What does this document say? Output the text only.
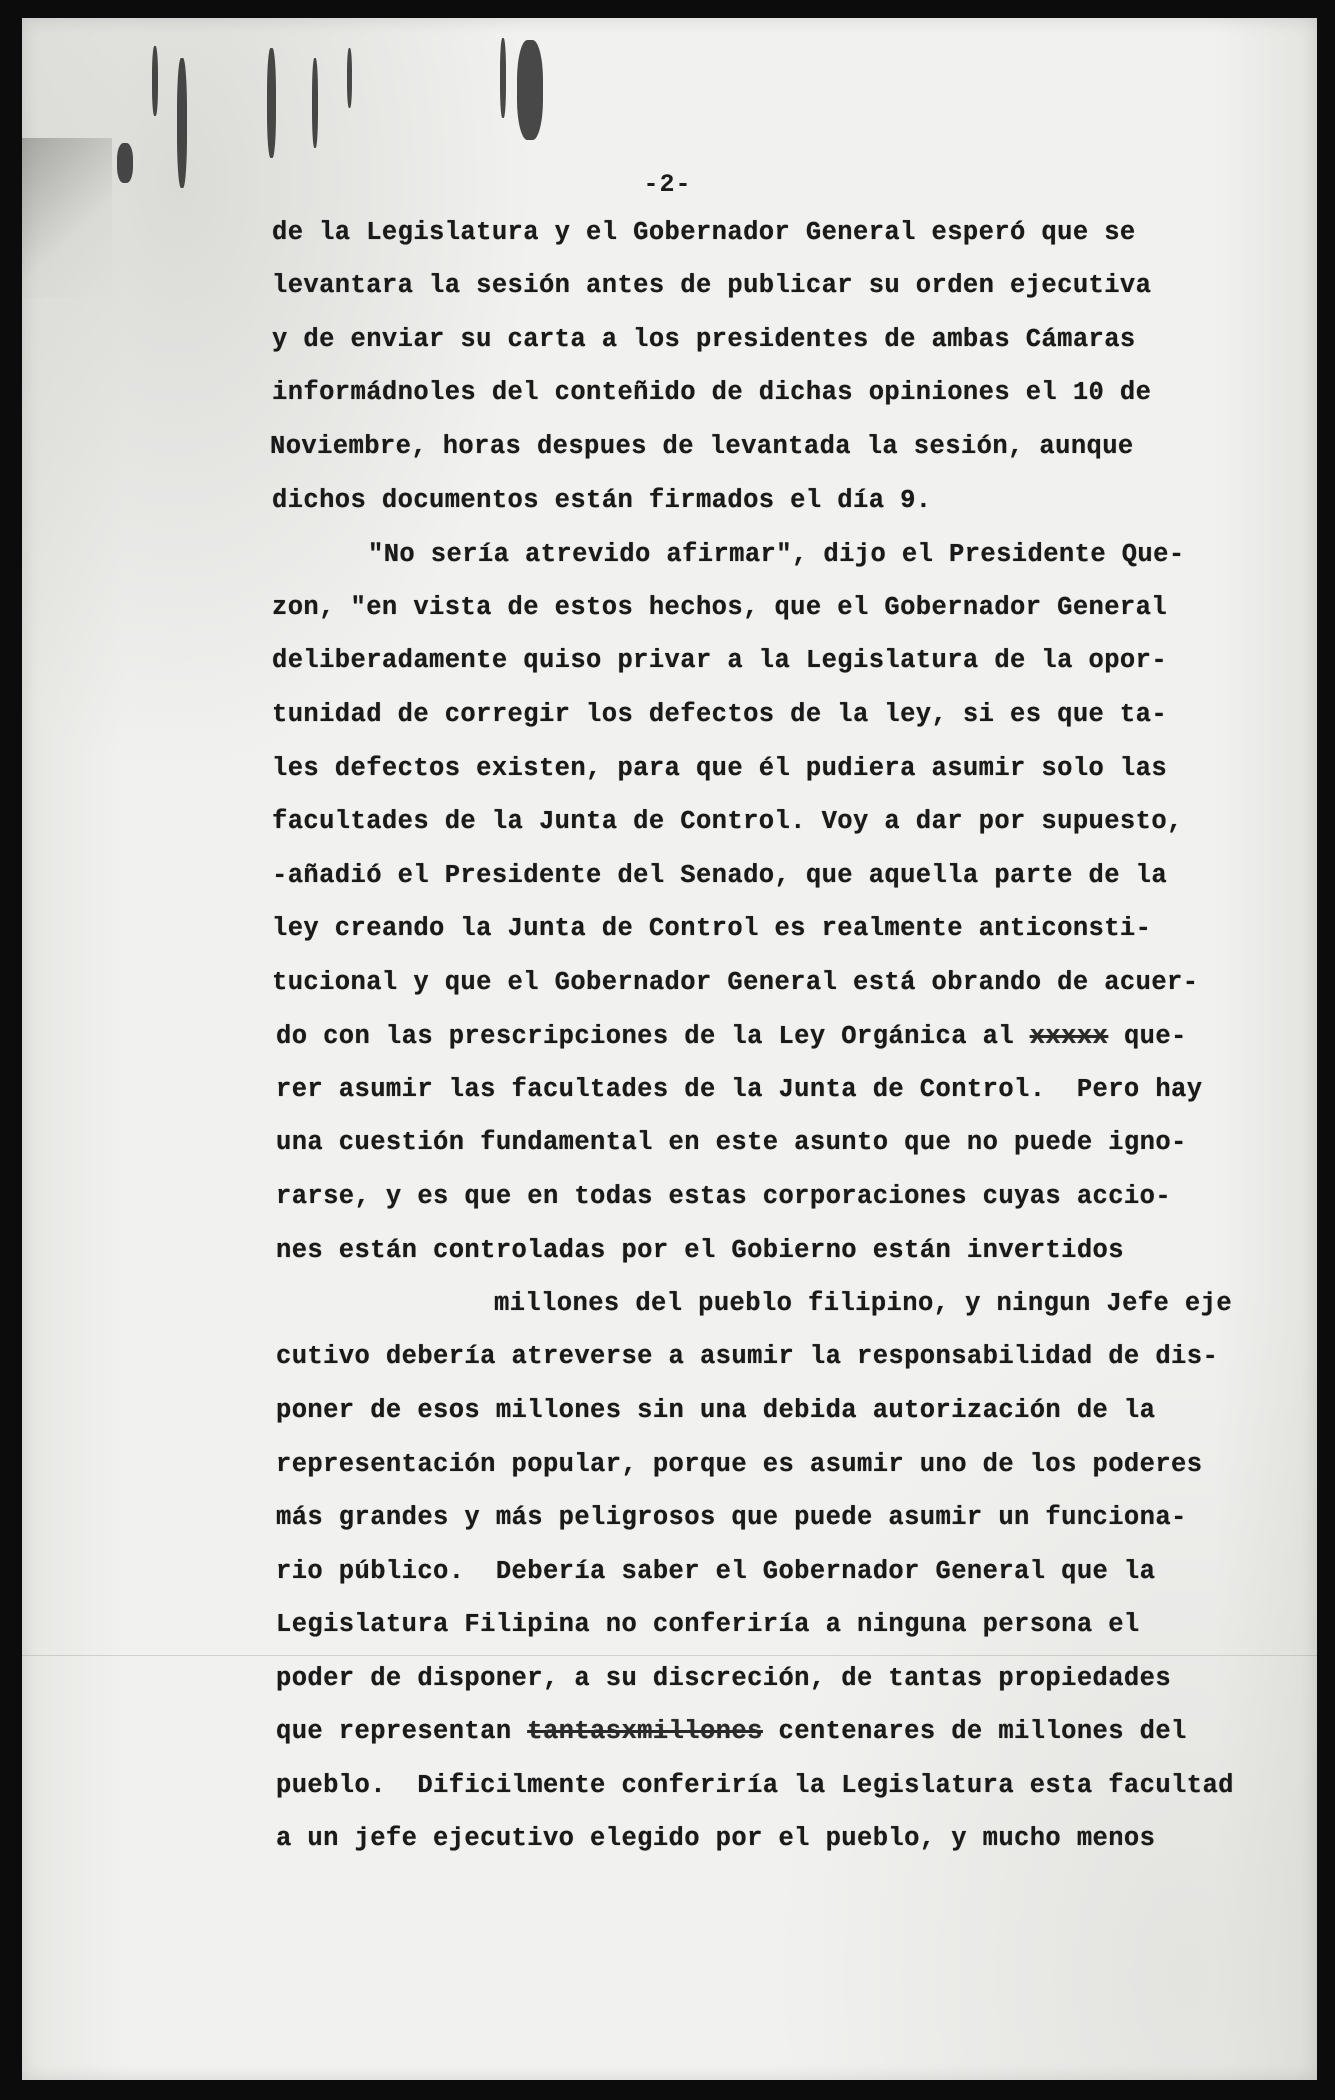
-2-
de la Legislatura y el Gobernador General esperó que se
levantara la sesión antes de publicar su orden ejecutiva
y de enviar su carta a los presidentes de ambas Cámaras
informádnoles del conteñido de dichas opiniones el 10 de
Noviembre, horas despues de levantada la sesión, aunque
dichos documentos están firmados el día 9.
"No sería atrevido afirmar", dijo el Presidente Que-
zon, "en vista de estos hechos, que el Gobernador General
deliberadamente quiso privar a la Legislatura de la opor-
tunidad de corregir los defectos de la ley, si es que ta-
les defectos existen, para que él pudiera asumir solo las
facultades de la Junta de Control. Voy a dar por supuesto,
-añadió el Presidente del Senado, que aquella parte de la
ley creando la Junta de Control es realmente anticonsti-
tucional y que el Gobernador General está obrando de acuer-
do con las prescripciones de la Ley Orgánica al xxxxx que-
rer asumir las facultades de la Junta de Control.  Pero hay
una cuestión fundamental en este asunto que no puede igno-
rarse, y es que en todas estas corporaciones cuyas accio-
nes están controladas por el Gobierno están invertidos
millones del pueblo filipino, y ningun Jefe eje
cutivo debería atreverse a asumir la responsabilidad de dis-
poner de esos millones sin una debida autorización de la
representación popular, porque es asumir uno de los poderes
más grandes y más peligrosos que puede asumir un funciona-
rio público.  Debería saber el Gobernador General que la
Legislatura Filipina no conferiría a ninguna persona el
poder de disponer, a su discreción, de tantas propiedades
que representan tantasxmillones centenares de millones del
pueblo.  Dificilmente conferiría la Legislatura esta facultad
a un jefe ejecutivo elegido por el pueblo, y mucho menos
